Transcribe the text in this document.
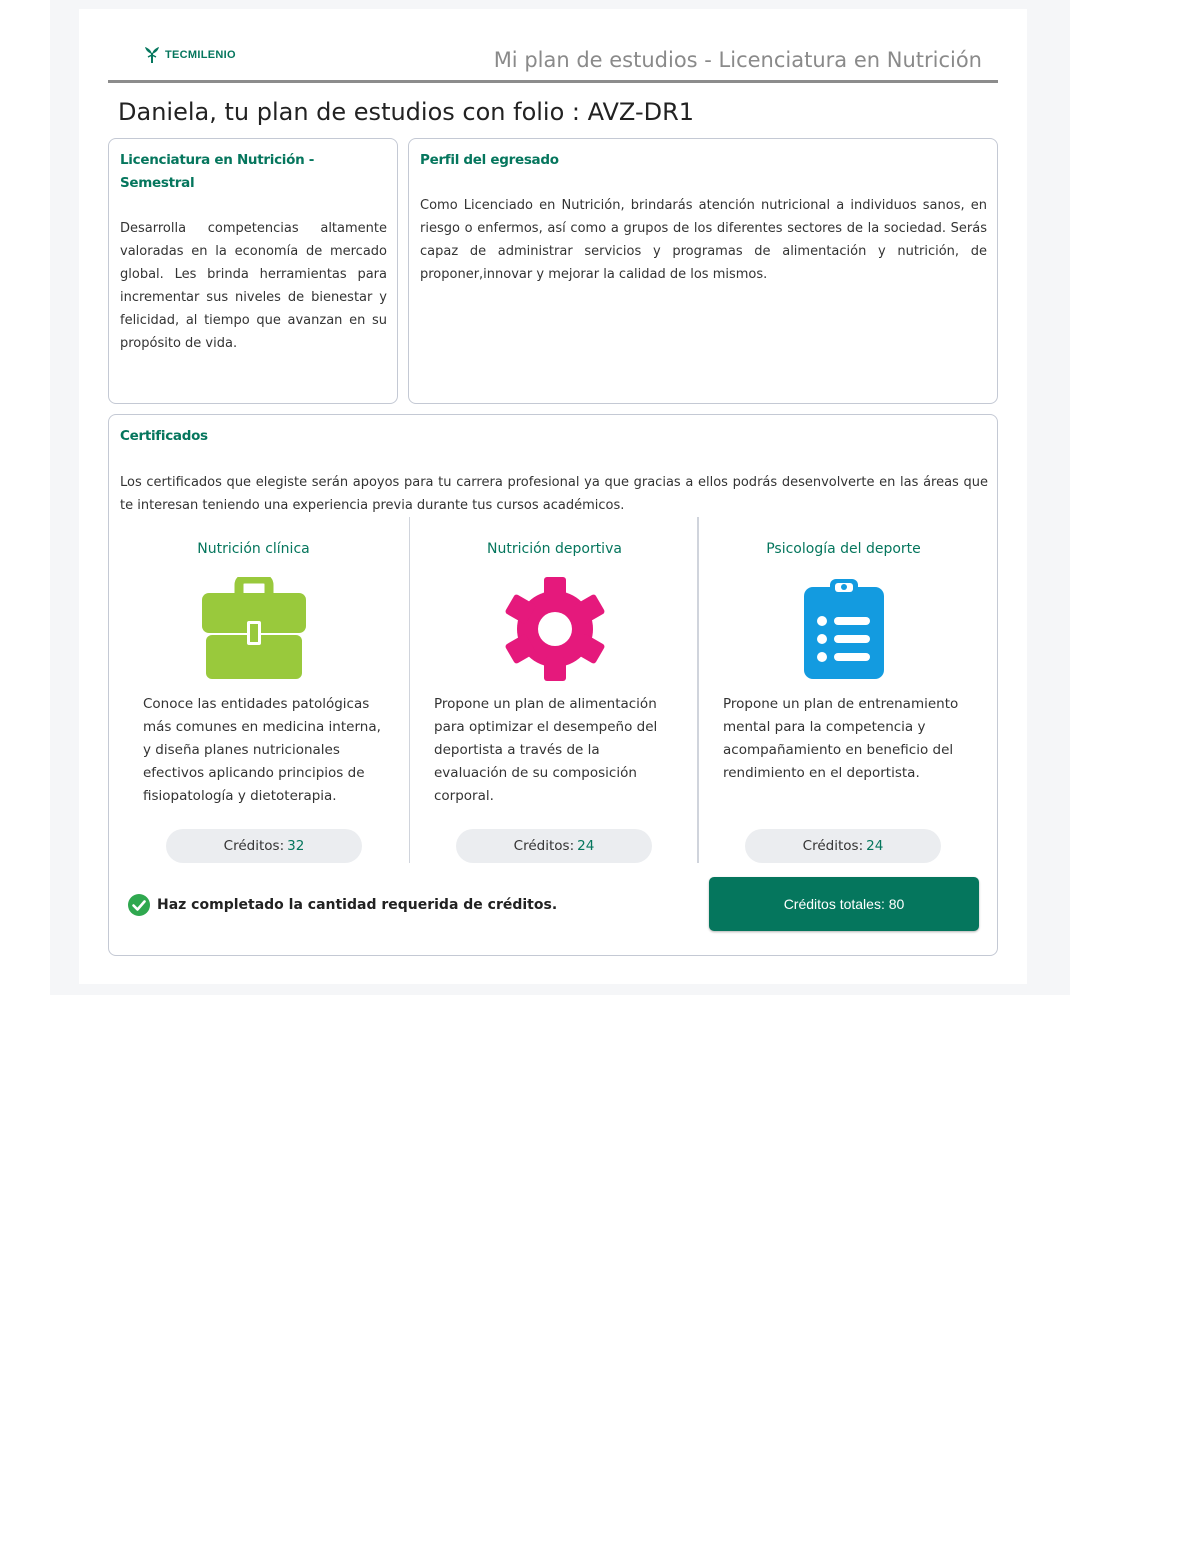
TECMILENIO	Mi plan de estudios - Licenciatura en Nutrición
Daniela, tu plan de estudios con folio : AVZ-DR1
Licenciatura en Nutrición - Semestral
Desarrolla competencias altamente valoradas en la economía de mercado global. Les brinda herramientas para incrementar sus niveles de bienestar y felicidad, al tiempo que avanzan en su propósito de vida.
Perfil del egresado
Como Licenciado en Nutrición, brindarás atención nutricional a individuos sanos, en riesgo o enfermos, así como a grupos de los diferentes sectores de la sociedad. Serás capaz de administrar servicios y programas de alimentación y nutrición, de proponer,innovar y mejorar la calidad de los mismos.
Certificados
Los certificados que elegiste serán apoyos para tu carrera profesional ya que gracias a ellos podrás desenvolverte en las áreas que te interesan teniendo una experiencia previa durante tus cursos académicos.
Nutrición clínica
Conoce las entidades patológicas más comunes en medicina interna, y diseña planes nutricionales efectivos aplicando principios de fisiopatología y dietoterapia.
Créditos: 32
Nutrición deportiva
Propone un plan de alimentación para optimizar el desempeño del deportista a través de la evaluación de su composición corporal.
Créditos: 24
Psicología del deporte
Propone un plan de entrenamiento mental para la competencia y acompañamiento en beneficio del rendimiento en el deportista.
Créditos: 24
Haz completado la cantidad requerida de créditos.	Créditos totales: 80
